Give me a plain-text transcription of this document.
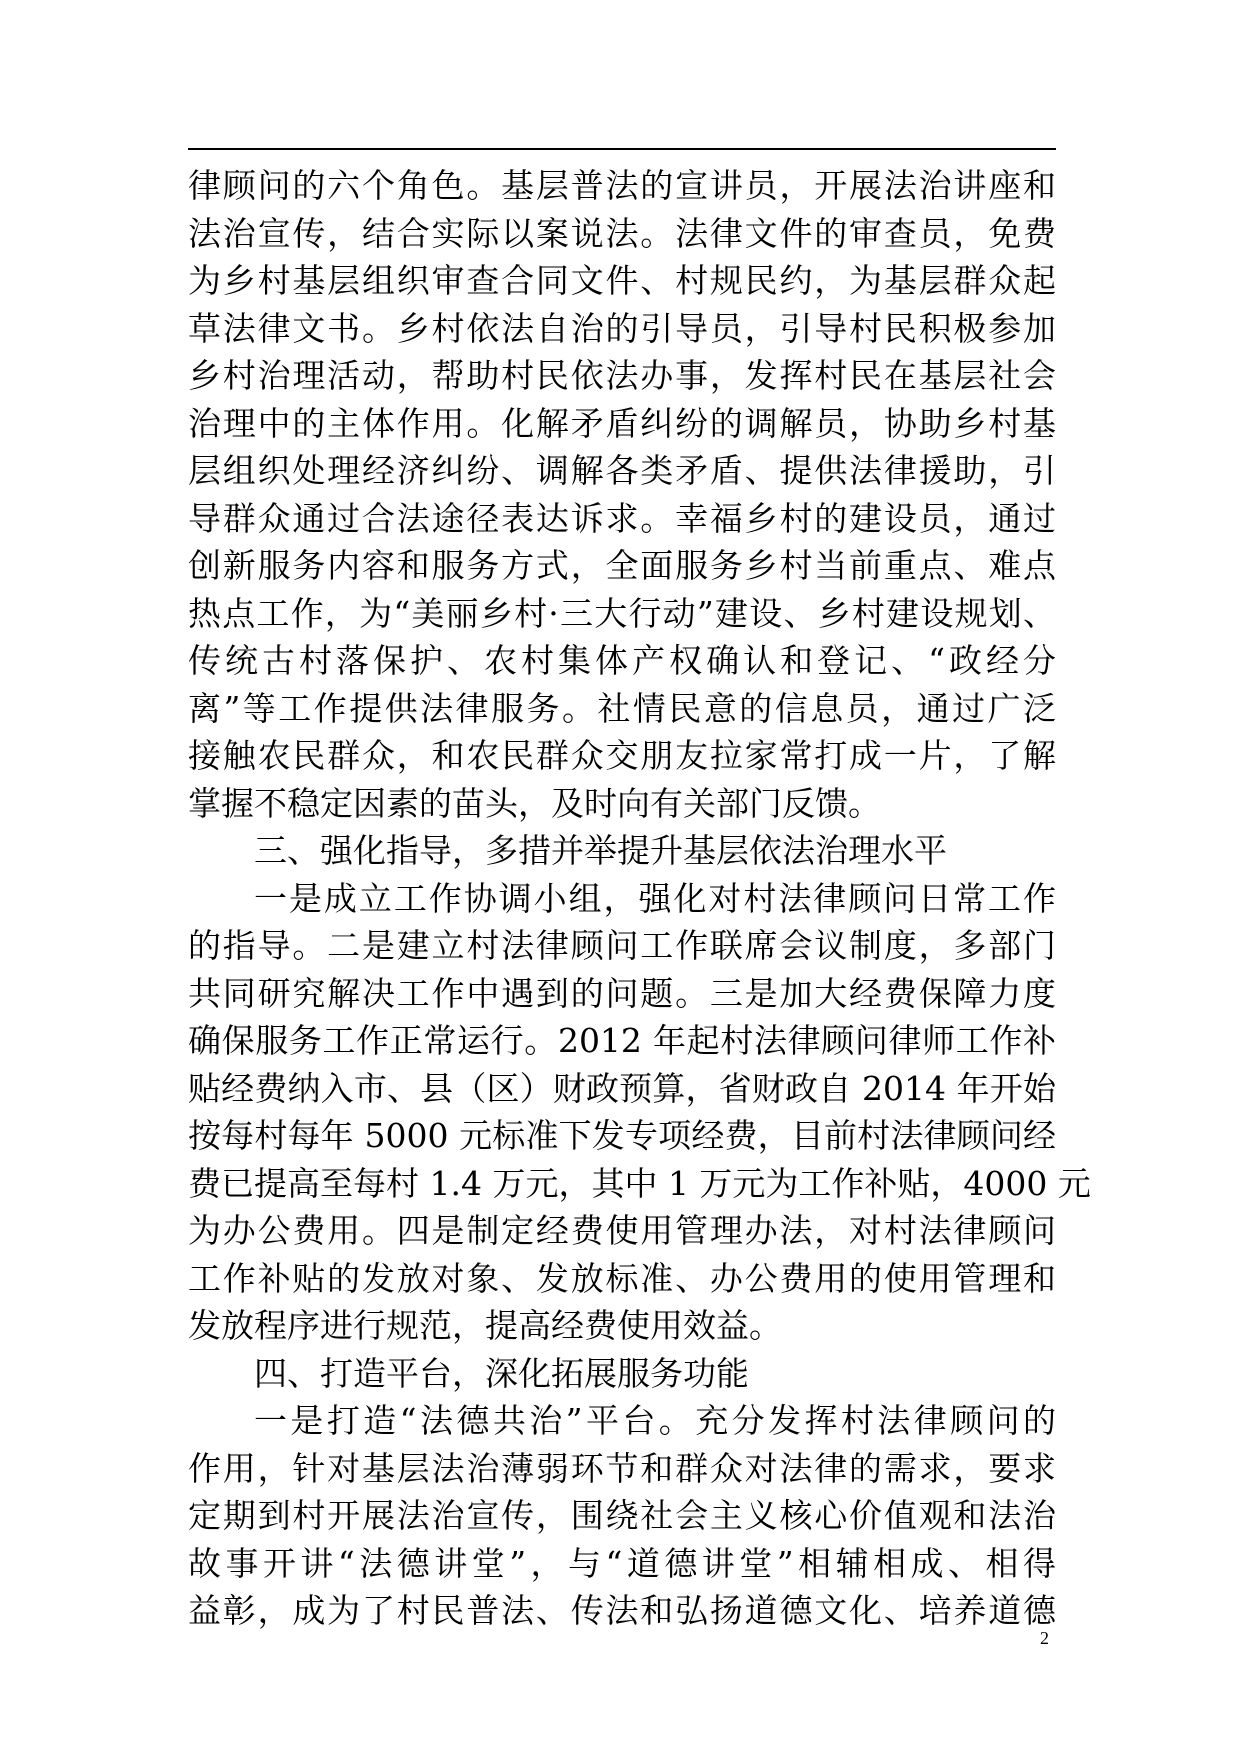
律顾问的六个角色。基层普法的宣讲员，开展法治讲座和
法治宣传，结合实际以案说法。法律文件的审查员，免费
为乡村基层组织审查合同文件、村规民约，为基层群众起
草法律文书。乡村依法自治的引导员，引导村民积极参加
乡村治理活动，帮助村民依法办事，发挥村民在基层社会
治理中的主体作用。化解矛盾纠纷的调解员，协助乡村基
层组织处理经济纠纷、调解各类矛盾、提供法律援助，引
导群众通过合法途径表达诉求。幸福乡村的建设员，通过
创新服务内容和服务方式，全面服务乡村当前重点、难点
热点工作，为“美丽乡村·三大行动”建设、乡村建设规划、
传统古村落保护、农村集体产权确认和登记、“政经分
离”等工作提供法律服务。社情民意的信息员，通过广泛
接触农民群众，和农民群众交朋友拉家常打成一片，了解
掌握不稳定因素的苗头，及时向有关部门反馈。
三、强化指导，多措并举提升基层依法治理水平
一是成立工作协调小组，强化对村法律顾问日常工作
的指导。二是建立村法律顾问工作联席会议制度，多部门
共同研究解决工作中遇到的问题。三是加大经费保障力度
确保服务工作正常运行。2012 年起村法律顾问律师工作补
贴经费纳入市、县（区）财政预算，省财政自 2014 年开始
按每村每年 5000 元标准下发专项经费，目前村法律顾问经
费已提高至每村 1.4 万元，其中 1 万元为工作补贴，4000 元
为办公费用。四是制定经费使用管理办法，对村法律顾问
工作补贴的发放对象、发放标准、办公费用的使用管理和
发放程序进行规范，提高经费使用效益。
四、打造平台，深化拓展服务功能
一是打造“法德共治”平台。充分发挥村法律顾问的
作用，针对基层法治薄弱环节和群众对法律的需求，要求
定期到村开展法治宣传，围绕社会主义核心价值观和法治
故事开讲“法德讲堂”，与“道德讲堂”相辅相成、相得
益彰，成为了村民普法、传法和弘扬道德文化、培养道德
2
